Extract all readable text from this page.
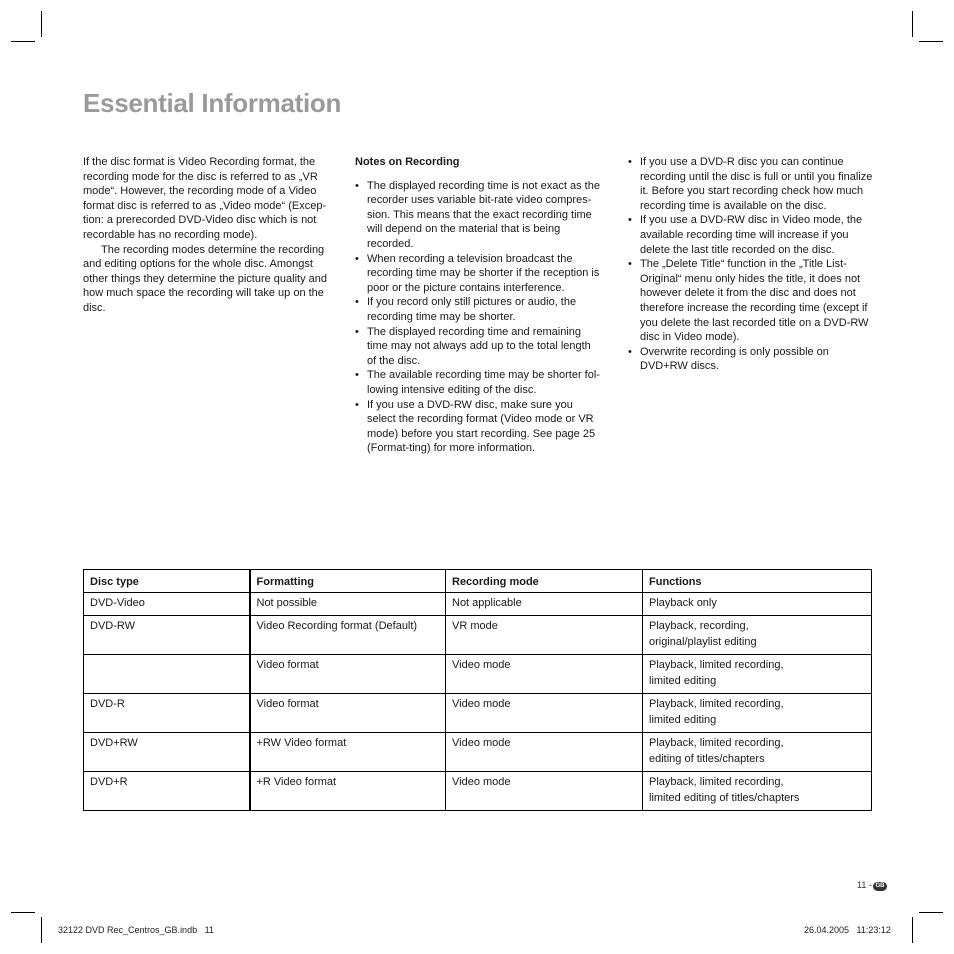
Essential Information

If the disc format is Video Recording format, the recording mode for the disc is referred to as „VR mode“. However, the recording mode of a Video format disc is referred to as „Video mode“ (Excep-tion: a prerecorded DVD-Video disc which is not recordable has no recording mode).

The recording modes determine the recording and editing options for the whole disc. Amongst other things they determine the picture quality and how much space the recording will take up on the disc.

Notes on Recording

• The displayed recording time is not exact as the recorder uses variable bit-rate video compres-sion. This means that the exact recording time will depend on the material that is being recorded.
• When recording a television broadcast the recording time may be shorter if the reception is poor or the picture contains interference.
• If you record only still pictures or audio, the recording time may be shorter.
• The displayed recording time and remaining time may not always add up to the total length of the disc.
• The available recording time may be shorter fol-lowing intensive editing of the disc.
• If you use a DVD-RW disc, make sure you select the recording format (Video mode or VR mode) before you start recording. See page 25 (Format-ting) for more information.
• If you use a DVD-R disc you can continue recording until the disc is full or until you finalize it. Before you start recording check how much recording time is available on the disc.
• If you use a DVD-RW disc in Video mode, the available recording time will increase if you delete the last title recorded on the disc.
• The „Delete Title“ function in the „Title List-Original“ menu only hides the title, it does not however delete it from the disc and does not therefore increase the recording time (except if you delete the last recorded title on a DVD-RW disc in Video mode).
• Overwrite recording is only possible on DVD+RW discs.
Disc type	Formatting	Recording mode	Functions
DVD-Video	Not possible	Not applicable	Playback only
DVD-RW	Video Recording format (Default)	VR mode	Playback, recording,
original/playlist editing
	Video format	Video mode	Playback, limited recording,
limited editing
DVD-R	Video format	Video mode	Playback, limited recording,
limited editing
DVD+RW	+RW Video format	Video mode	Playback, limited recording,
editing of titles/chapters
DVD+R	+R Video format	Video mode	Playback, limited recording,
limited editing of titles/chapters
11 - GB
32122 DVD Rec_Centros_GB.indb   11	26.04.2005   11:23:12
